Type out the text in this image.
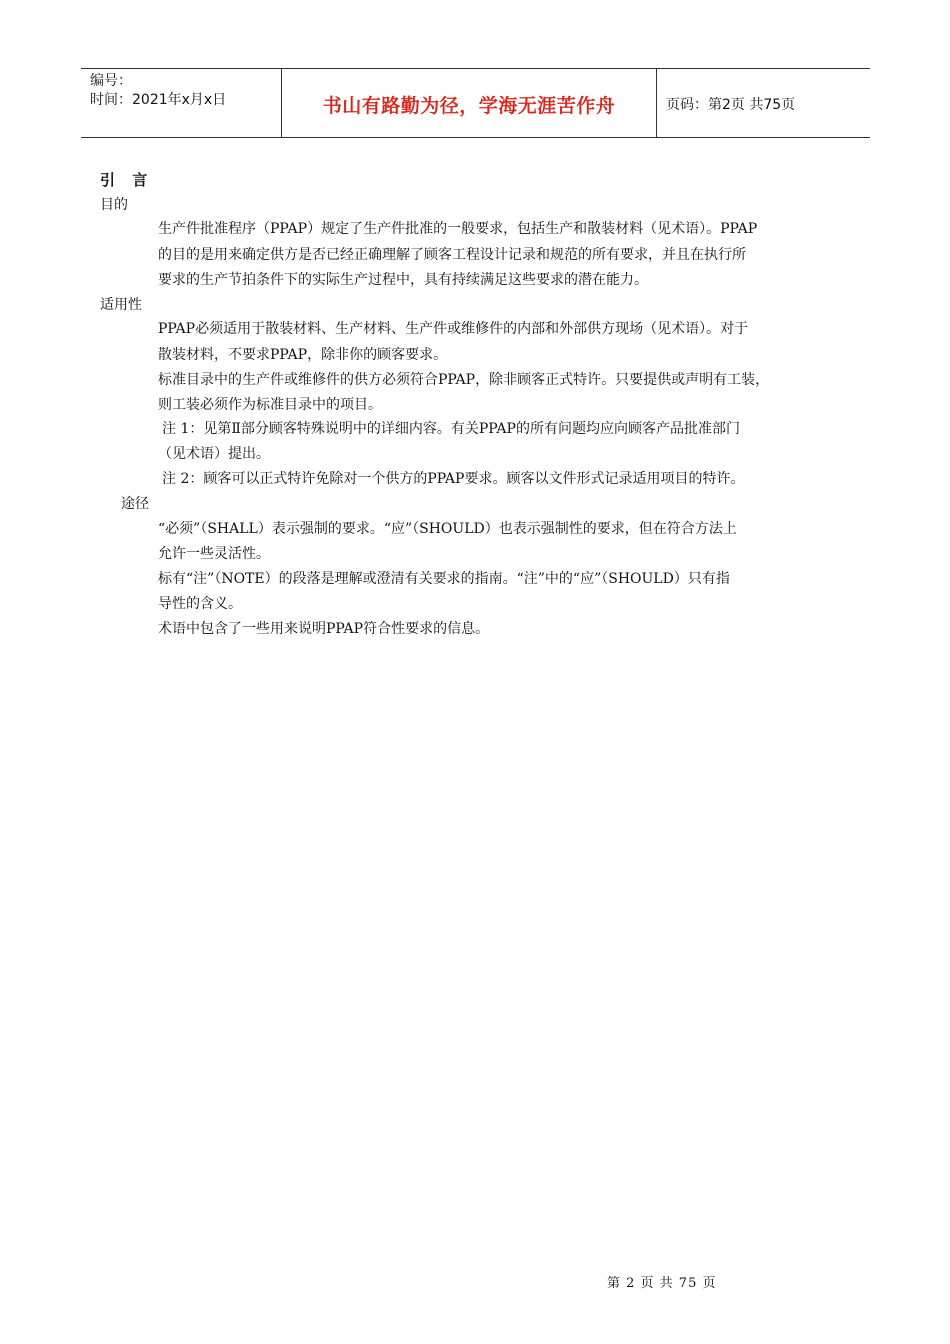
编号：
时间：2021年x月x日	书山有路勤为径，学海无涯苦作舟	页码：第2页 共75页
引 言
目的
生产件批准程序（PPAP）规定了生产件批准的一般要求，包括生产和散装材料（见术语）。PPAP
的目的是用来确定供方是否已经正确理解了顾客工程设计记录和规范的所有要求，并且在执行所
要求的生产节拍条件下的实际生产过程中，具有持续满足这些要求的潜在能力。
适用性
PPAP必须适用于散装材料、生产材料、生产件或维修件的内部和外部供方现场（见术语）。对于
散装材料，不要求PPAP，除非你的顾客要求。
标准目录中的生产件或维修件的供方必须符合PPAP，除非顾客正式特许。只要提供或声明有工装，
则工装必须作为标准目录中的项目。
注 1：见第Ⅱ部分顾客特殊说明中的详细内容。有关PPAP的所有问题均应向顾客产品批准部门
（见术语）提出。
注 2：顾客可以正式特许免除对一个供方的PPAP要求。顾客以文件形式记录适用项目的特许。
途径
“必须”（SHALL）表示强制的要求。“应”（SHOULD）也表示强制性的要求，但在符合方法上
允许一些灵活性。
标有“注”（NOTE）的段落是理解或澄清有关要求的指南。“注”中的“应”（SHOULD）只有指
导性的含义。
术语中包含了一些用来说明PPAP符合性要求的信息。
第 2 页 共 75 页
